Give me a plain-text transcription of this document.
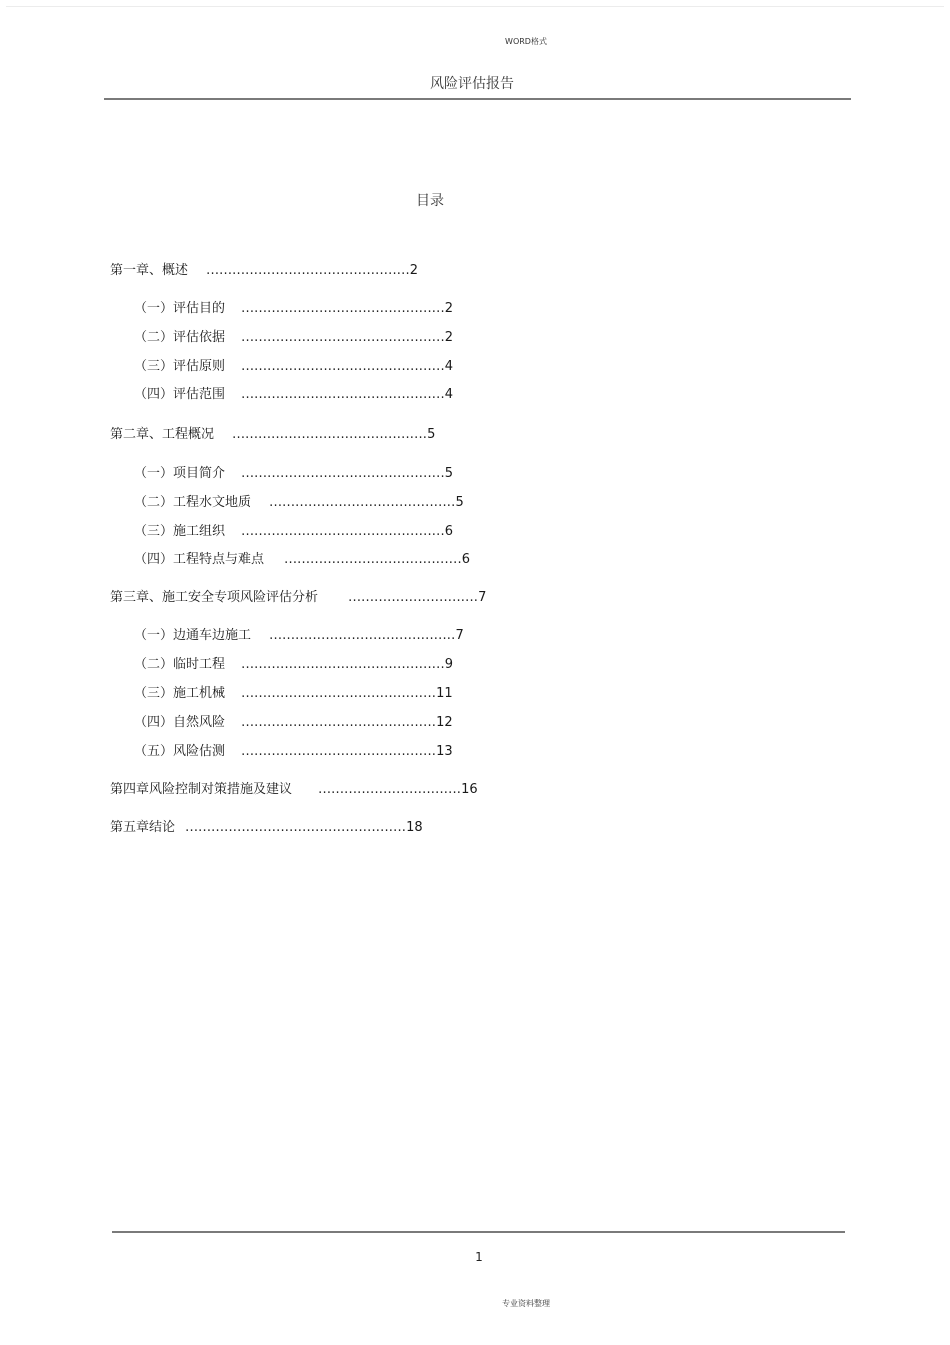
WORD格式
风险评估报告
目录
第一章、概述 ...............................................2
（一）评估目的 ...............................................2
（二）评估依据 ...............................................2
（三）评估原则 ...............................................4
（四）评估范围 ...............................................4
第二章、工程概况 .............................................5
（一）项目简介 ...............................................5
（二）工程水文地质 ...........................................5
（三）施工组织 ...............................................6
（四）工程特点与难点 .........................................6
第三章、施工安全专项风险评估分析 ..............................7
（一）边通车边施工 ...........................................7
（二）临时工程 ...............................................9
（三）施工机械 .............................................11
（四）自然风险 .............................................12
（五）风险估测 .............................................13
第四章风险控制对策措施及建议 .................................16
第五章结论 ...................................................18
1
专业资料整理
